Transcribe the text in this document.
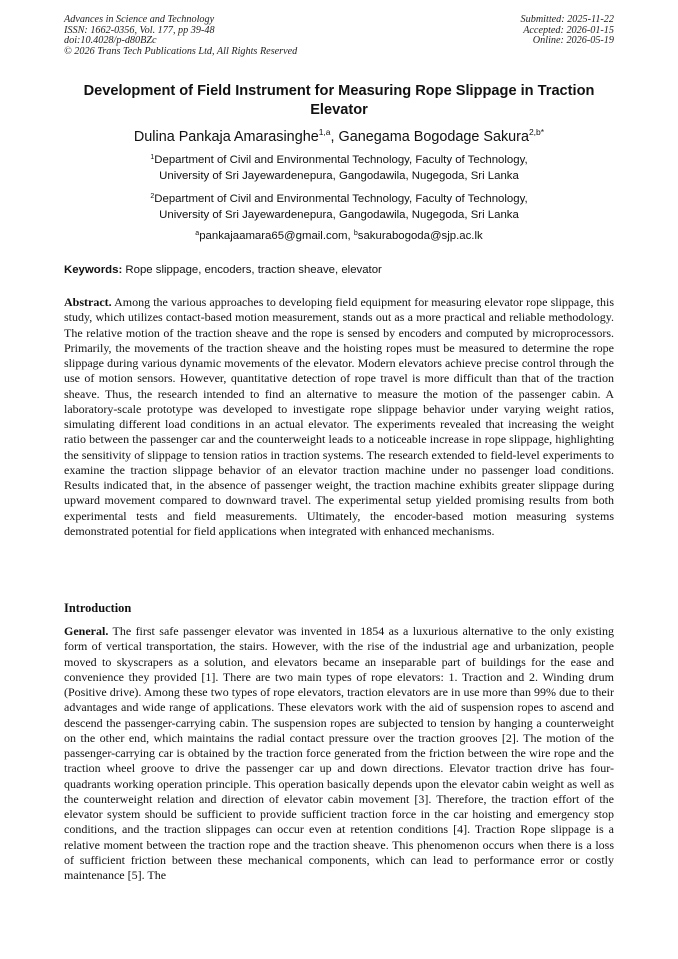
Advances in Science and Technology
ISSN: 1662-0356, Vol. 177, pp 39-48
doi:10.4028/p-d80BZc
© 2026 Trans Tech Publications Ltd, All Rights Reserved
Submitted: 2025-11-22
Accepted: 2026-01-15
Online: 2026-05-19
Development of Field Instrument for Measuring Rope Slippage in Traction Elevator
Dulina Pankaja Amarasinghe$^{1,a}$, Ganegama Bogodage Sakura$^{2,b*}$
$^1$Department of Civil and Environmental Technology, Faculty of Technology,
University of Sri Jayewardenepura, Gangodawila, Nugegoda, Sri Lanka
$^2$Department of Civil and Environmental Technology, Faculty of Technology,
University of Sri Jayewardenepura, Gangodawila, Nugegoda, Sri Lanka
$^a$pankajaamara65@gmail.com, $^b$sakurabogoda@sjp.ac.lk
Keywords: Rope slippage, encoders, traction sheave, elevator
Abstract. Among the various approaches to developing field equipment for measuring elevator rope slippage, this study, which utilizes contact-based motion measurement, stands out as a more practical and reliable methodology. The relative motion of the traction sheave and the rope is sensed by encoders and computed by microprocessors. Primarily, the movements of the traction sheave and the hoisting ropes must be measured to determine the rope slippage during various dynamic movements of the elevator. Modern elevators achieve precise control through the use of motion sensors. However, quantitative detection of rope travel is more difficult than that of the traction sheave. Thus, the research intended to find an alternative to measure the motion of the passenger cabin. A laboratory-scale prototype was developed to investigate rope slippage behavior under varying weight ratios, simulating different load conditions in an actual elevator. The experiments revealed that increasing the weight ratio between the passenger car and the counterweight leads to a noticeable increase in rope slippage, highlighting the sensitivity of slippage to tension ratios in traction systems. The research extended to field-level experiments to examine the traction slippage behavior of an elevator traction machine under no passenger load conditions. Results indicated that, in the absence of passenger weight, the traction machine exhibits greater slippage during upward movement compared to downward travel. The experimental setup yielded promising results from both experimental tests and field measurements. Ultimately, the encoder-based motion measuring systems demonstrated potential for field applications when integrated with enhanced mechanisms.
Introduction
General. The first safe passenger elevator was invented in 1854 as a luxurious alternative to the only existing form of vertical transportation, the stairs. However, with the rise of the industrial age and urbanization, people moved to skyscrapers as a solution, and elevators became an inseparable part of buildings for the ease and convenience they provided [1]. There are two main types of rope elevators: 1. Traction and 2. Winding drum (Positive drive). Among these two types of rope elevators, traction elevators are in use more than 99% due to their advantages and wide range of applications. These elevators work with the aid of suspension ropes to ascend and descend the passenger-carrying cabin. The suspension ropes are subjected to tension by hanging a counterweight on the other end, which maintains the radial contact pressure over the traction grooves [2]. The motion of the passenger-carrying car is obtained by the traction force generated from the friction between the wire rope and the traction wheel groove to drive the passenger car up and down directions. Elevator traction drive has four-quadrants working operation principle. This operation basically depends upon the elevator cabin weight as well as the counterweight relation and direction of elevator cabin movement [3]. Therefore, the traction effort of the elevator system should be sufficient to provide sufficient traction force in the car hoisting and emergency stop conditions, and the traction slippages can occur even at retention conditions [4]. Traction Rope slippage is a relative moment between the traction rope and the traction sheave. This phenomenon occurs when there is a loss of sufficient friction between these mechanical components, which can lead to performance error or costly maintenance [5]. The
